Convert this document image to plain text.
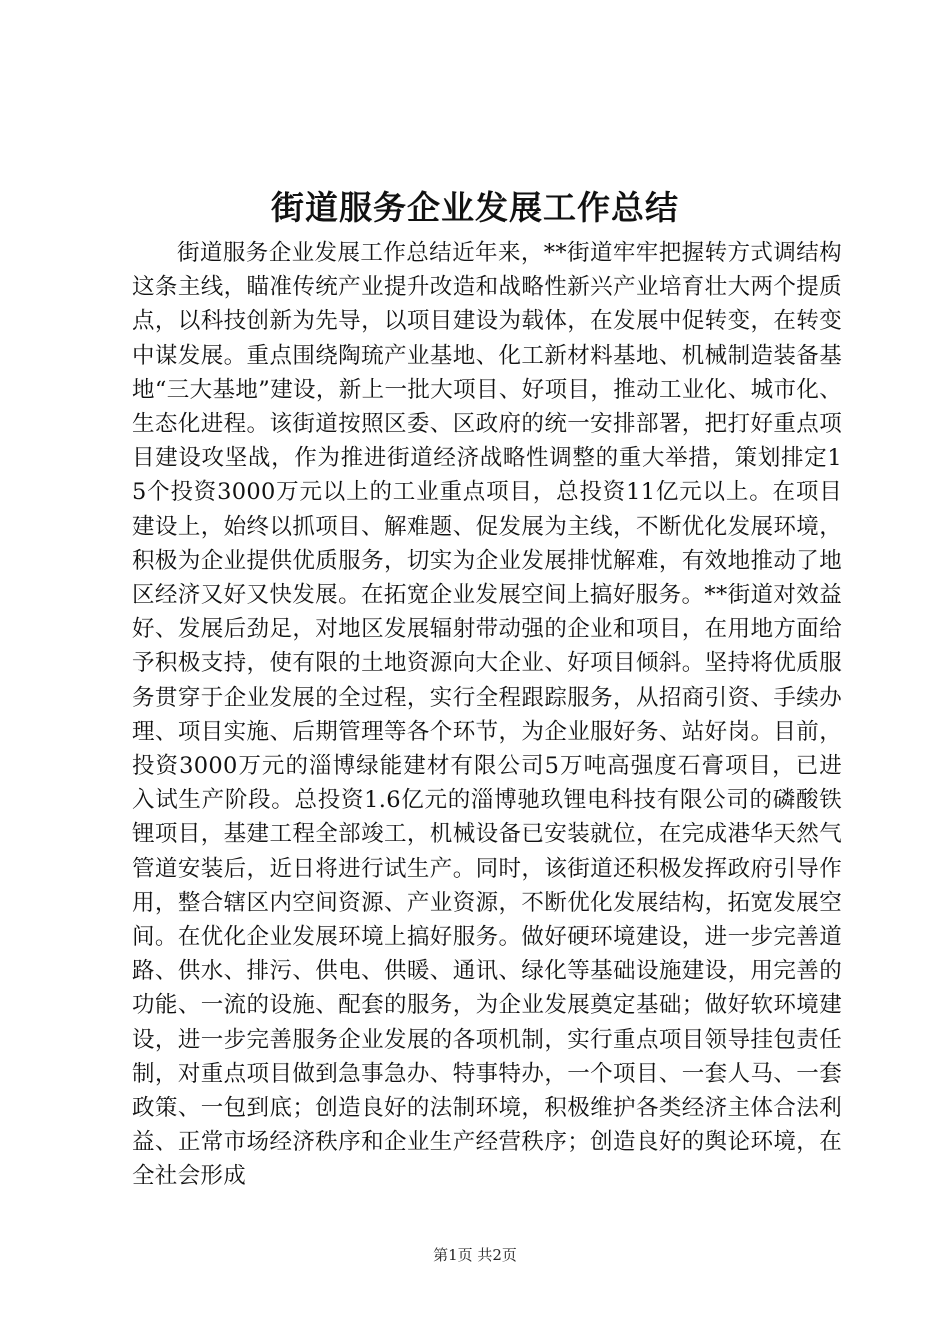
街道服务企业发展工作总结

街道服务企业发展工作总结近年来，**街道牢牢把握转方式调结构这条主线，瞄准传统产业提升改造和战略性新兴产业培育壮大两个提质点，以科技创新为先导，以项目建设为载体，在发展中促转变，在转变中谋发展。重点围绕陶琉产业基地、化工新材料基地、机械制造装备基地“三大基地”建设，新上一批大项目、好项目，推动工业化、城市化、生态化进程。该街道按照区委、区政府的统一安排部署，把打好重点项目建设攻坚战，作为推进街道经济战略性调整的重大举措，策划排定15个投资3000万元以上的工业重点项目，总投资11亿元以上。在项目建设上，始终以抓项目、解难题、促发展为主线，不断优化发展环境，积极为企业提供优质服务，切实为企业发展排忧解难，有效地推动了地区经济又好又快发展。在拓宽企业发展空间上搞好服务。**街道对效益好、发展后劲足，对地区发展辐射带动强的企业和项目，在用地方面给予积极支持，使有限的土地资源向大企业、好项目倾斜。坚持将优质服务贯穿于企业发展的全过程，实行全程跟踪服务，从招商引资、手续办理、项目实施、后期管理等各个环节，为企业服好务、站好岗。目前，投资3000万元的淄博绿能建材有限公司5万吨高强度石膏项目，已进入试生产阶段。总投资1.6亿元的淄博驰玖锂电科技有限公司的磷酸铁锂项目，基建工程全部竣工，机械设备已安装就位，在完成港华天然气管道安装后，近日将进行试生产。同时，该街道还积极发挥政府引导作用，整合辖区内空间资源、产业资源，不断优化发展结构，拓宽发展空间。在优化企业发展环境上搞好服务。做好硬环境建设，进一步完善道路、供水、排污、供电、供暖、通讯、绿化等基础设施建设，用完善的功能、一流的设施、配套的服务，为企业发展奠定基础；做好软环境建设，进一步完善服务企业发展的各项机制，实行重点项目领导挂包责任制，对重点项目做到急事急办、特事特办，一个项目、一套人马、一套政策、一包到底；创造良好的法制环境，积极维护各类经济主体合法利益、正常市场经济秩序和企业生产经营秩序；创造良好的舆论环境，在全社会形成

第1页 共2页
